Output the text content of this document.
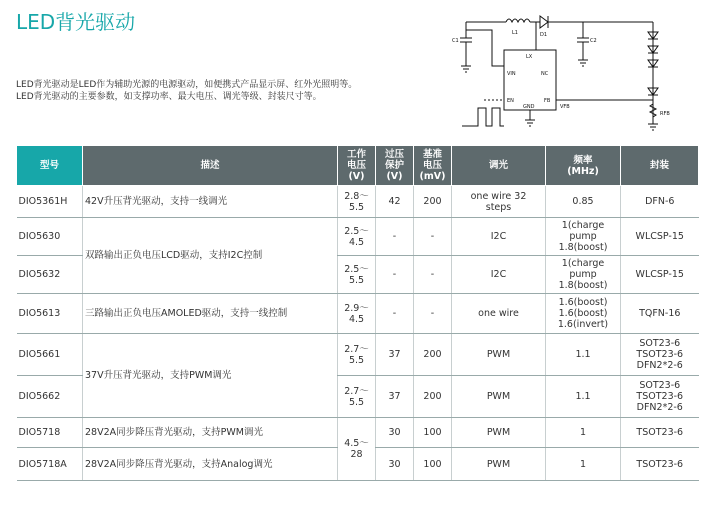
LED背光驱动

LED背光驱动是LED作为辅助光源的电源驱动，如便携式产品显示屏、红外光照明等。

LED背光驱动的主要参数，如支撑功率、最大电压、调光等级、封装尺寸等。

C1
L1	D1
C2
LX
VIN	NC
EN	FB
GND	VFB
RFB
型号	描述	工作
电压
(V)	过压
保护
(V)	基准
电压
(mV)	调光	频率
(MHz)	封装
DIO5361H	42V升压背光驱动，支持一线调光	2.8～5.5	42	200	one wire 32
steps	0.85	DFN-6
DIO5630	双路输出正负电压LCD驱动，支持I2C控制	2.5～4.5	-	-	I2C	1(charge
pump
1.8(boost)	WLCSP-15
DIO5632		2.5～5.5	-	-	I2C	1(charge
pump
1.8(boost)	WLCSP-15
DIO5613	三路输出正负电压AMOLED驱动，支持一线控制	2.9～4.5	-	-	one wire	1.6(boost)
1.6(boost)
1.6(invert)	TQFN-16
DIO5661	37V升压背光驱动，支持PWM调光	2.7～5.5	37	200	PWM	1.1	SOT23-6
TSOT23-6
DFN2*2-6

DIO5662		2.7～5.5	37	200	PWM	1.1	SOT23-6
TSOT23-6
DFN2*2-6

DIO5718	28V2A同步降压背光驱动，支持PWM调光	4.5～28	30	100	PWM	1	TSOT23-6
DIO5718A	28V2A同步降压背光驱动，支持Analog调光		30	100	PWM	1	TSOT23-6
